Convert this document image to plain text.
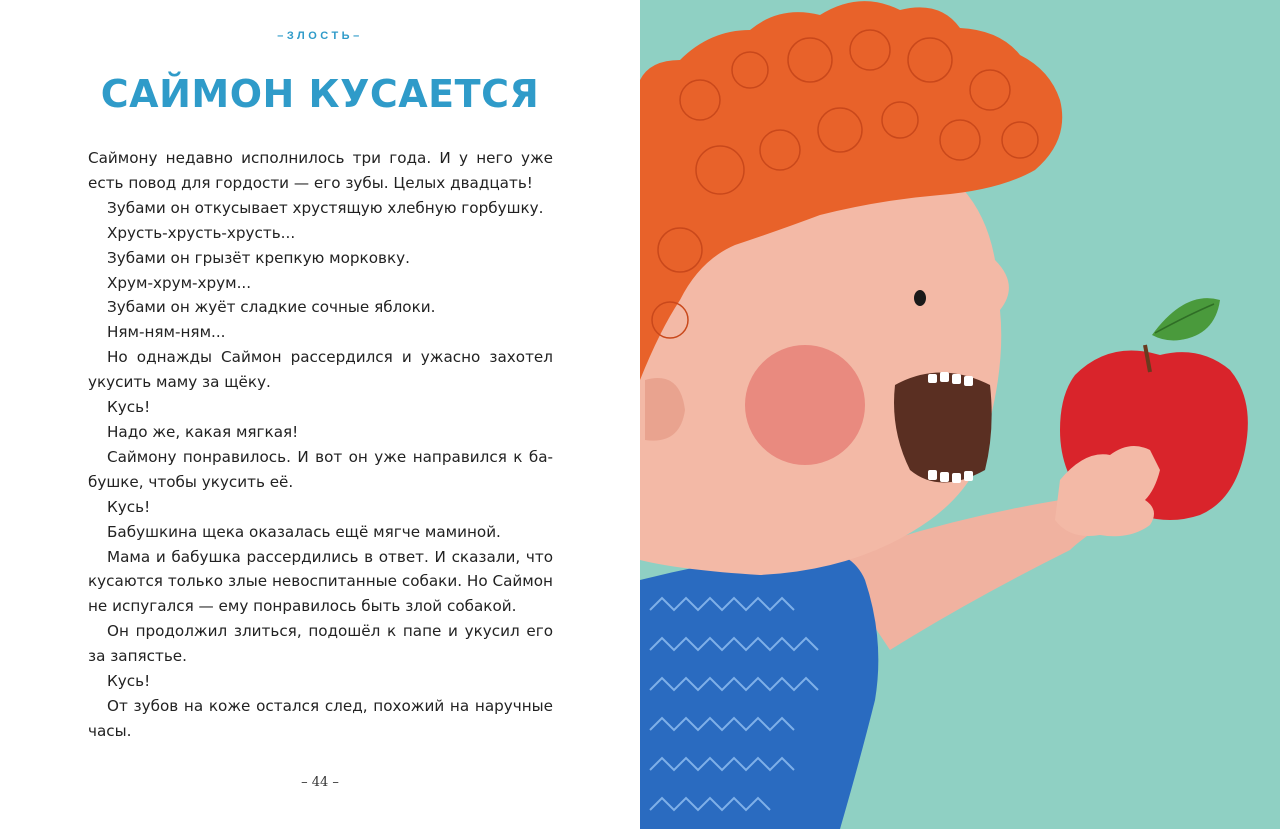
–ЗЛОСТЬ–
САЙМОН КУСАЕТСЯ

Саймону недавно исполнилось три года. И у него уже есть повод для гордости — его зубы. Целых двадцать!

Зубами он откусывает хрустящую хлебную горбушку.

Хрусть-хрусть-хрусть...

Зубами он грызёт крепкую морковку.

Хрум-хрум-хрум...

Зубами он жуёт сладкие сочные яблоки.

Ням-ням-ням...

Но однажды Саймон рассердился и ужасно захотел укусить маму за щёку.

Кусь!

Надо же, какая мягкая!

Саймону понравилось. И вот он уже направился к бабушке, чтобы укусить её.

Кусь!

Бабушкина щека оказалась ещё мягче маминой.

Мама и бабушка рассердились в ответ. И сказали, что кусаются только злые невоспитанные собаки. Но Саймон не испугался — ему понравилось быть злой собакой.

Он продолжил злиться, подошёл к папе и укусил его за запястье.

Кусь!

От зубов на коже остался след, похожий на наручные часы.

– 44 –
